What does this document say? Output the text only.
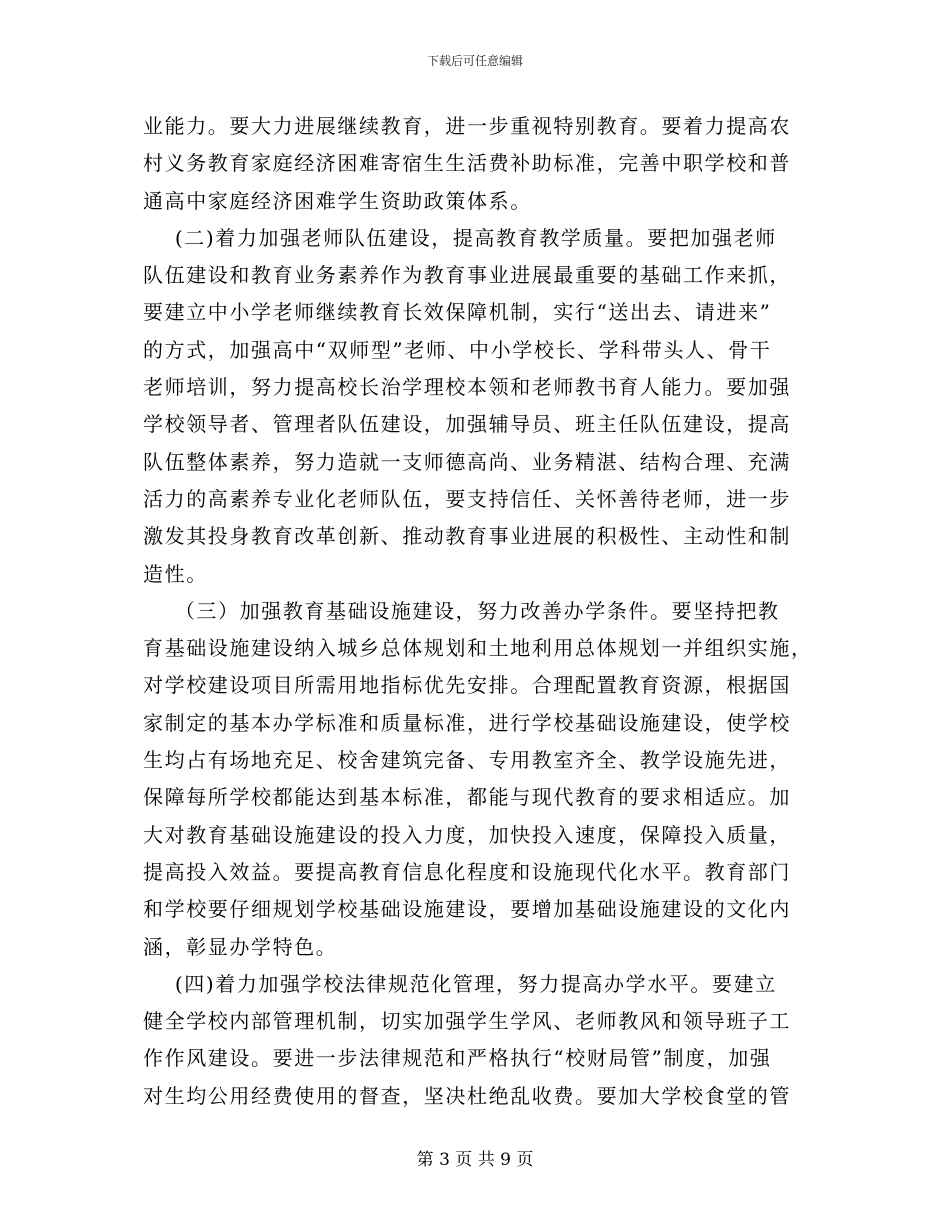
下载后可任意编辑
业能力。要大力进展继续教育，进一步重视特别教育。要着力提高农
村义务教育家庭经济困难寄宿生生活费补助标准，完善中职学校和普
通高中家庭经济困难学生资助政策体系。
(二)着力加强老师队伍建设，提高教育教学质量。要把加强老师
队伍建设和教育业务素养作为教育事业进展最重要的基础工作来抓，
要建立中小学老师继续教育长效保障机制，实行“送出去、请进来”
的方式，加强高中“双师型”老师、中小学校长、学科带头人、骨干
老师培训，努力提高校长治学理校本领和老师教书育人能力。要加强
学校领导者、管理者队伍建设，加强辅导员、班主任队伍建设，提高
队伍整体素养，努力造就一支师德高尚、业务精湛、结构合理、充满
活力的高素养专业化老师队伍，要支持信任、关怀善待老师，进一步
激发其投身教育改革创新、推动教育事业进展的积极性、主动性和制
造性。
（三）加强教育基础设施建设，努力改善办学条件。要坚持把教
育基础设施建设纳入城乡总体规划和土地利用总体规划一并组织实施，
对学校建设项目所需用地指标优先安排。合理配置教育资源，根据国
家制定的基本办学标准和质量标准，进行学校基础设施建设，使学校
生均占有场地充足、校舍建筑完备、专用教室齐全、教学设施先进，
保障每所学校都能达到基本标准，都能与现代教育的要求相适应。加
大对教育基础设施建设的投入力度，加快投入速度，保障投入质量，
提高投入效益。要提高教育信息化程度和设施现代化水平。教育部门
和学校要仔细规划学校基础设施建设，要增加基础设施建设的文化内
涵，彰显办学特色。
(四)着力加强学校法律规范化管理，努力提高办学水平。要建立
健全学校内部管理机制，切实加强学生学风、老师教风和领导班子工
作作风建设。要进一步法律规范和严格执行“校财局管”制度，加强
对生均公用经费使用的督查，坚决杜绝乱收费。要加大学校食堂的管
第 3 页 共 9 页
